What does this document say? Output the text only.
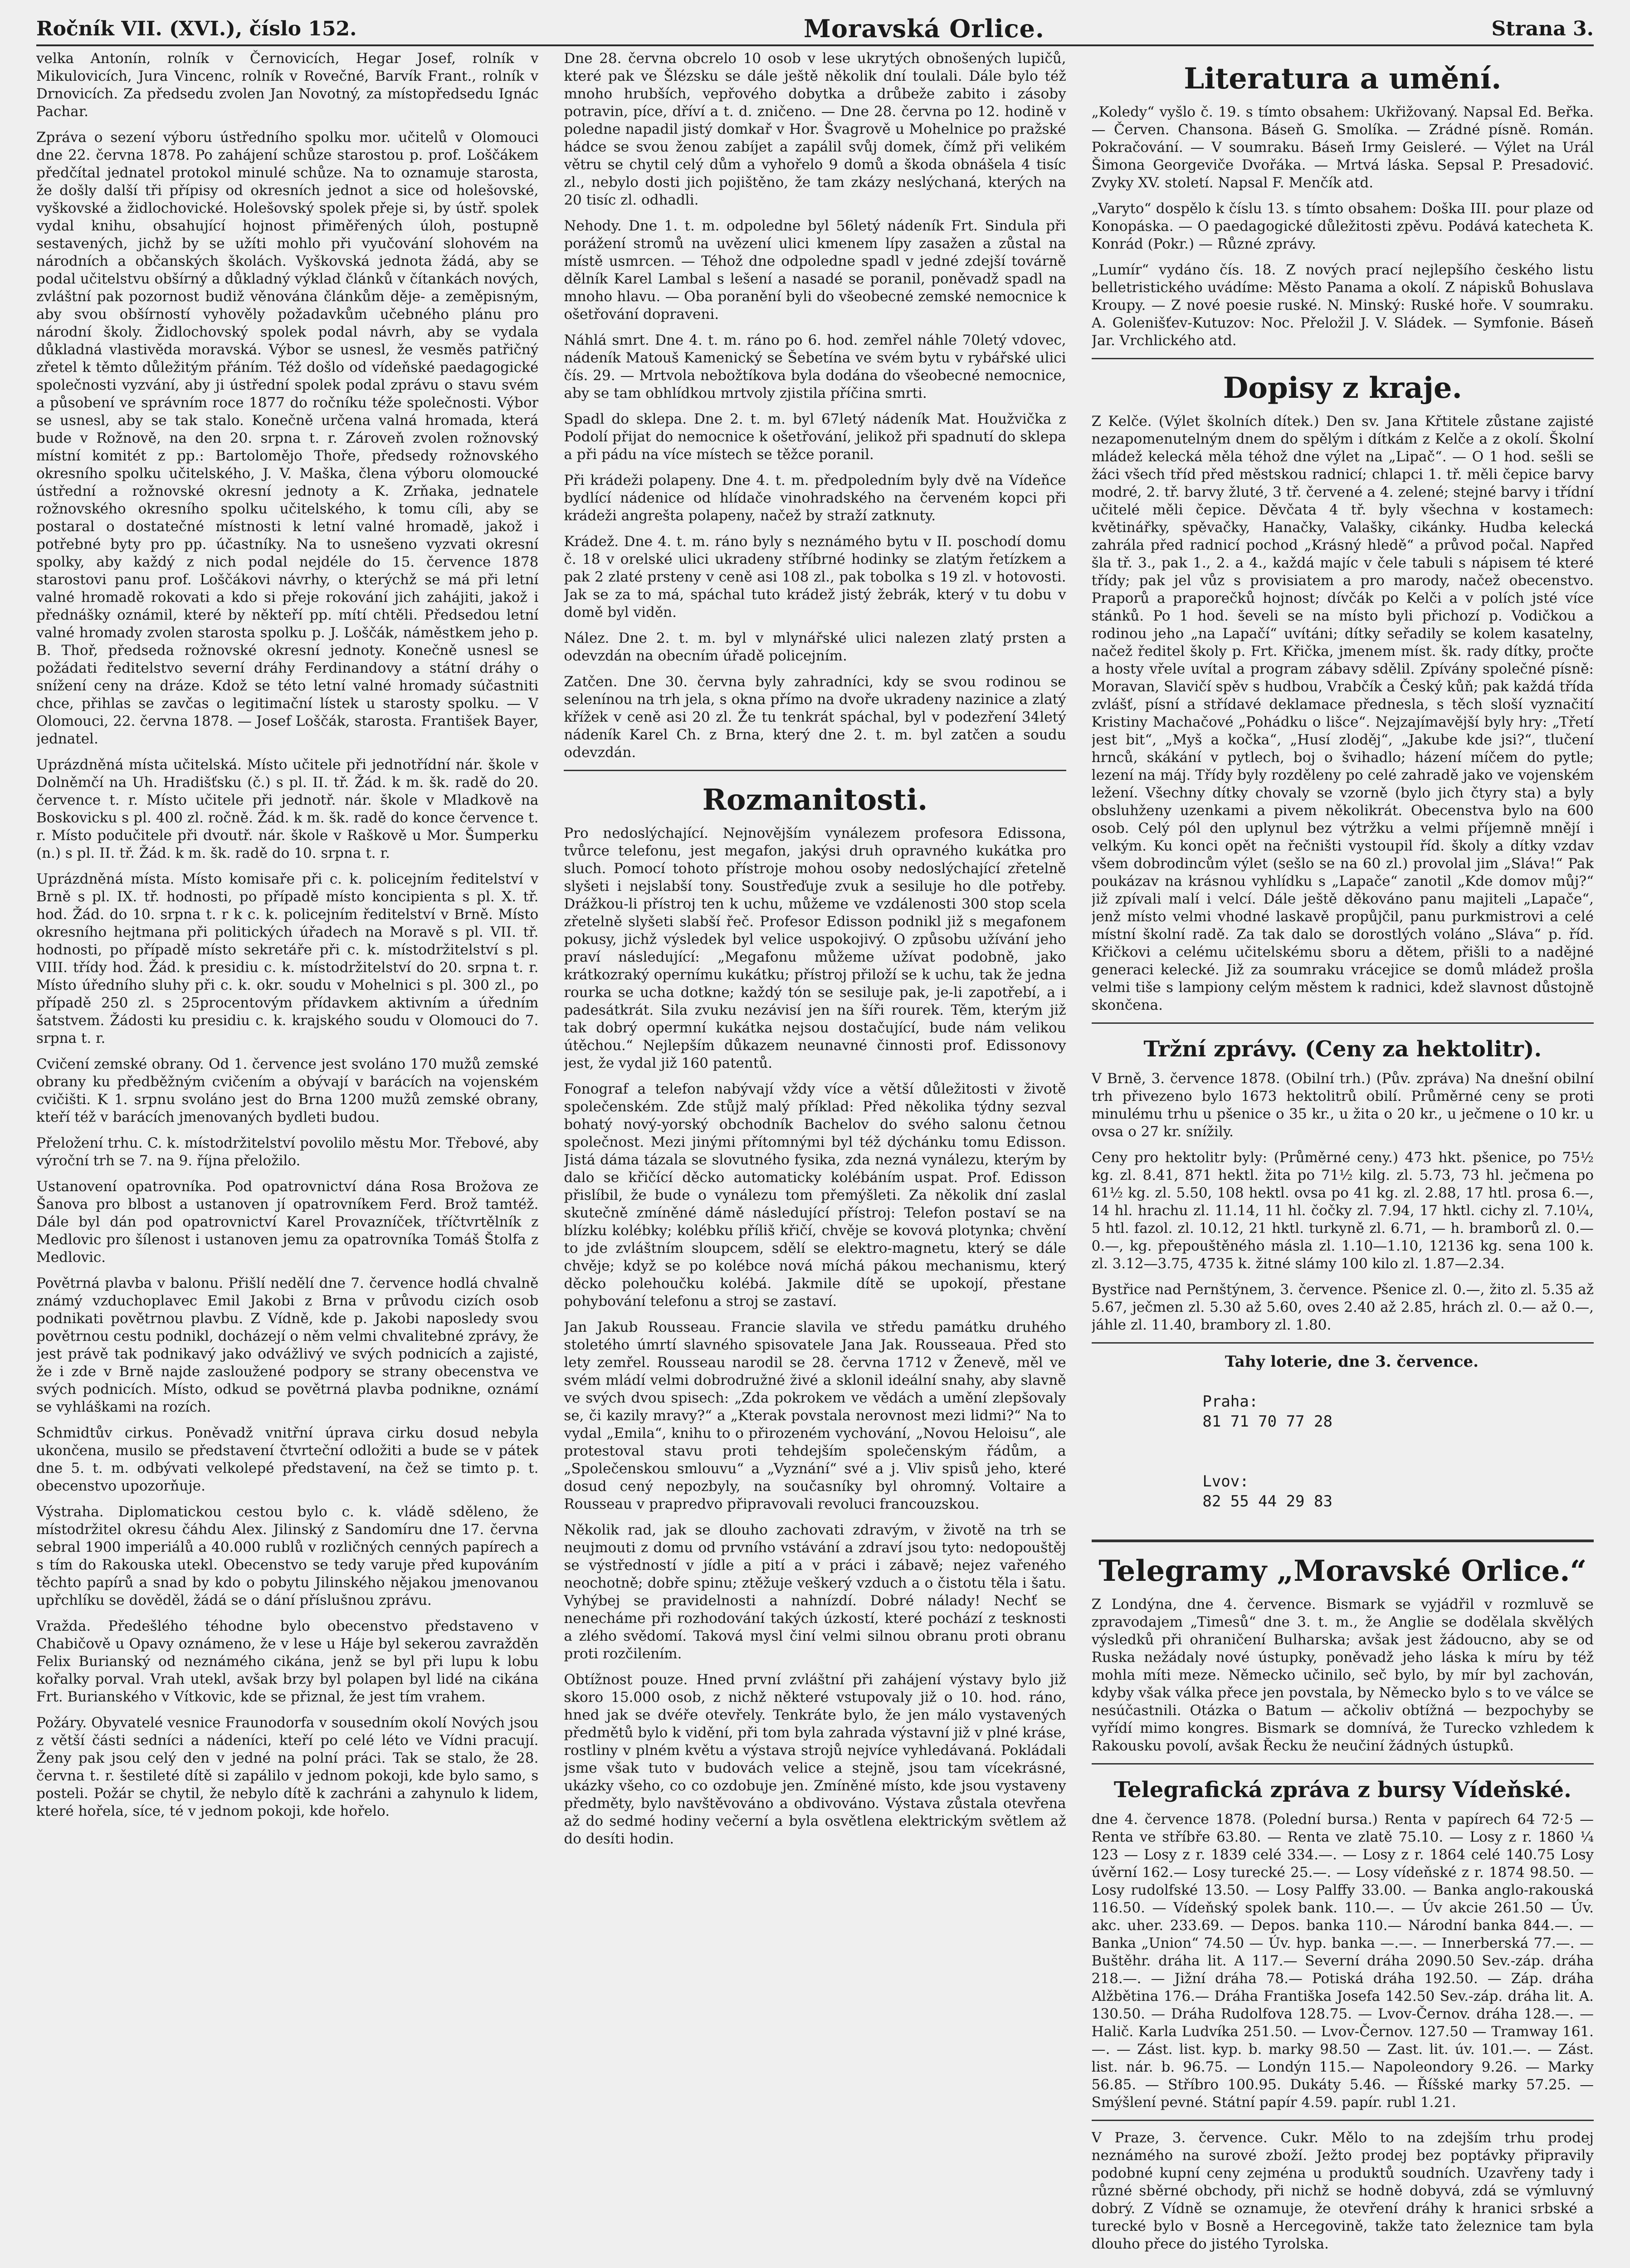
Ročník VII. (XVI.), číslo 152.	Moravská Orlice.	Strana 3.

velka Antonín, rolník v Černovicích, Hegar Josef, rolník v Mikulovicích, Jura Vincenc, rolník v Rovečné, Barvík Frant., rolník v Drnovicích. Za předsedu zvolen Jan Novotný, za místopředsedu Ignác Pachar.

Zpráva o sezení výboru ústředního spolku mor. učitelů v Olomouci dne 22. června 1878. Po zahájení schůze starostou p. prof. Loščákem předčítal jednatel protokol minulé schůze. Na to oznamuje starosta, že došly další tři přípisy od okresních jednot a sice od holešovské, vyškovské a židlochovické. Holešovský spolek přeje si, by ústř. spolek vydal knihu, obsahující hojnost přiměřených úloh, postupně sestavených, jichž by se užíti mohlo při vyučování slohovém na národních a občanských školách. Vyškovská jednota žádá, aby se podal učitelstvu obšírný a důkladný výklad článků v čítankách nových, zvláštní pak pozornost budiž věnována článkům děje- a zeměpisným, aby svou obšírností vyhověly požadavkům učebného plánu pro národní školy. Židlochovský spolek podal návrh, aby se vydala důkladná vlastivěda moravská. Výbor se usnesl, že vesměs patřičný zřetel k těmto důležitým přáním. Též došlo od vídeňské paedagogické společnosti vyzvání, aby ji ústřední spolek podal zprávu o stavu svém a působení ve správním roce 1877 do ročníku téže společnosti. Výbor se usnesl, aby se tak stalo. Konečně určena valná hromada, která bude v Rožnově, na den 20. srpna t. r. Zároveň zvolen rožnovský místní komitét z pp.: Bartolomějo Thoře, předsedy rožnovského okresního spolku učitelského, J. V. Maška, člena výboru olomoucké ústřední a rožnovské okresní jednoty a K. Zrňaka, jednatele rožnovského okresního spolku učitelského, k tomu cíli, aby se postaral o dostatečné místnosti k letní valné hromadě, jakož i potřebné byty pro pp. účastníky. Na to usnešeno vyzvati okresní spolky, aby každý z nich podal nejdéle do 15. července 1878 starostovi panu prof. Loščákovi návrhy, o kterýchž se má při letní valné hromadě rokovati a kdo si přeje rokování jich zahájiti, jakož i přednášky oznámil, které by někteří pp. mítí chtěli. Předsedou letní valné hromady zvolen starosta spolku p. J. Loščák, náměstkem jeho p. B. Thoř, předseda rožnovské okresní jednoty. Konečně usnesl se požádati ředitelstvo severní dráhy Ferdinandovy a státní dráhy o snížení ceny na dráze. Kdož se této letní valné hromady súčastniti chce, přihlas se zavčas o legitimační lístek u starosty spolku. — V Olomouci, 22. června 1878. — Josef Loščák, starosta. František Bayer, jednatel.

Uprázdněná místa učitelská. Místo učitele při jednotřídní nár. škole v Dolněmčí na Uh. Hradišťsku (č.) s pl. II. tř. Žád. k m. šk. radě do 20. července t. r. Místo učitele při jednotř. nár. škole v Mladkově na Boskovicku s pl. 400 zl. ročně. Žád. k m. šk. radě do konce července t. r. Místo podučitele při dvoutř. nár. škole v Raškově u Mor. Šumperku (n.) s pl. II. tř. Žád. k m. šk. radě do 10. srpna t. r.

Uprázdněná místa. Místo komisaře při c. k. policejním ředitelství v Brně s pl. IX. tř. hodnosti, po případě místo koncipienta s pl. X. tř. hod. Žád. do 10. srpna t. r k c. k. policejním ředitelství v Brně. Místo okresního hejtmana při politických úřadech na Moravě s pl. VII. tř. hodnosti, po případě místo sekretáře při c. k. místodržitelství s pl. VIII. třídy hod. Žád. k presidiu c. k. místodržitelství do 20. srpna t. r. Místo úředního sluhy při c. k. okr. soudu v Mohelnici s pl. 300 zl., po případě 250 zl. s 25procentovým přídavkem aktivním a úředním šatstvem. Žádosti ku presidiu c. k. krajského soudu v Olomouci do 7. srpna t. r.

Cvičení zemské obrany. Od 1. července jest svoláno 170 mužů zemské obrany ku předběžným cvičením a obývají v barácích na vojenském cvičišti. K 1. srpnu svoláno jest do Brna 1200 mužů zemské obrany, kteří též v barácích jmenovaných bydleti budou.

Přeložení trhu. C. k. místodržitelství povolilo městu Mor. Třebové, aby výroční trh se 7. na 9. října přeložilo.

Ustanovení opatrovníka. Pod opatrovnictví dána Rosa Brožova ze Šanova pro blbost a ustanoven jí opatrovníkem Ferd. Brož tamtéž. Dále byl dán pod opatrovnictví Karel Provazníček, tříčtvrtělník z Medlovic pro šílenost i ustanoven jemu za opatrovníka Tomáš Štolfa z Medlovic.

Povětrná plavba v balonu. Přišlí nedělí dne 7. července hodlá chvalně známý vzduchoplavec Emil Jakobi z Brna v průvodu cizích osob podnikati povětrnou plavbu. Z Vídně, kde p. Jakobi naposledy svou povětrnou cestu podnikl, docházejí o něm velmi chvalitebné zprávy, že jest právě tak podnikavý jako odvážlivý ve svých podnicích a zajisté, že i zde v Brně najde zasloužené podpory se strany obecenstva ve svých podnicích. Místo, odkud se povětrná plavba podnikne, oznámí se vyhláškami na rozích.

Schmidtův cirkus. Poněvadž vnitřní úprava cirku dosud nebyla ukončena, musilo se představení čtvrteční odložiti a bude se v pátek dne 5. t. m. odbývati velkolepé představení, na čež se timto p. t. obecenstvo upozorňuje.

Výstraha. Diplomatickou cestou bylo c. k. vládě sděleno, že místodržitel okresu čáhdu Alex. Jilinský z Sandomíru dne 17. června sebral 1900 imperiálů a 40.000 rublů v rozličných cenných papírech a s tím do Rakouska utekl. Obecenstvo se tedy varuje před kupováním těchto papírů a snad by kdo o pobytu Jilinského nějakou jmenovanou upřchlíku se dověděl, žádá se o dání příslušnou zprávu.

Vražda. Předešlého téhodne bylo obecenstvo představeno v Chabičově u Opavy oznámeno, že v lese u Háje byl sekerou zavražděn Felix Burianský od neznámého cikána, jenž se byl při lupu k lobu kořalky porval. Vrah utekl, avšak brzy byl polapen byl lidé na cikána Frt. Burianského v Vítkovic, kde se přiznal, že jest tím vrahem.

Požáry. Obyvatelé vesnice Fraunodorfa v sousedním okolí Nových jsou z větší části sedníci a nádeníci, kteří po celé léto ve Vídni pracují. Ženy pak jsou celý den v jedné na polní práci. Tak se stalo, že 28. června t. r. šestileté dítě si zapálilo v jednom pokoji, kde bylo samo, s posteli. Požár se chytil, že nebylo dítě k zachráni a zahynulo k lidem, které hořela, síce, té v jednom pokoji, kde hořelo.

Dne 28. června obcrelo 10 osob v lese ukrytých obnošených lupičů, které pak ve Šlézsku se dále ještě několik dní toulali. Dále bylo též mnoho hrubších, vepřového dobytka a drůbeže zabito i zásoby potravin, píce, dříví a t. d. zničeno. — Dne 28. června po 12. hodině v poledne napadil jistý domkař v Hor. Švagrově u Mohelnice po pražské hádce se svou ženou zabíjet a zapálil svůj domek, čímž při velikém větru se chytil celý dům a vyhořelo 9 domů a škoda obnášela 4 tisíc zl., nebylo dosti jich pojištěno, že tam zkázy neslýchaná, kterých na 20 tisíc zl. odhadli.

Nehody. Dne 1. t. m. odpoledne byl 56letý nádeník Frt. Sindula při porážení stromů na uvězení ulici kmenem lípy zasažen a zůstal na místě usmrcen. — Téhož dne odpoledne spadl v jedné zdejší továrně dělník Karel Lambal s lešení a nasadé se poranil, poněvadž spadl na mnoho hlavu. — Oba poranění byli do všeobecné zemské nemocnice k ošetřování dopraveni.

Náhlá smrt. Dne 4. t. m. ráno po 6. hod. zemřel náhle 70letý vdovec, nádeník Matouš Kamenický se Šebetína ve svém bytu v rybářské ulici čís. 29. — Mrtvola nebožtíkova byla dodána do všeobecné nemocnice, aby se tam obhlídkou mrtvoly zjistila příčina smrti.

Spadl do sklepa. Dne 2. t. m. byl 67letý nádeník Mat. Houžvička z Podolí přijat do nemocnice k ošetřování, jelikož při spadnutí do sklepa a při pádu na více místech se těžce poranil.

Při krádeži polapeny. Dne 4. t. m. předpoledním byly dvě na Vídeňce bydlící nádenice od hlídače vinohradského na červeném kopci při krádeži angrešta polapeny, načež by straží zatknuty.

Krádež. Dne 4. t. m. ráno byly s neznámého bytu v II. poschodí domu č. 18 v orelské ulici ukradeny stříbrné hodinky se zlatým řetízkem a pak 2 zlaté prsteny v ceně asi 108 zl., pak tobolka s 19 zl. v hotovosti. Jak se za to má, spáchal tuto krádež jistý žebrák, který v tu dobu v domě byl viděn.

Nález. Dne 2. t. m. byl v mlynářské ulici nalezen zlatý prsten a odevzdán na obecním úřadě policejním.

Zatčen. Dne 30. června byly zahradníci, kdy se svou rodinou se selenínou na trh jela, s okna přímo na dvoře ukradeny nazinice a zlatý křížek v ceně asi 20 zl. Že tu tenkrát spáchal, byl v podezření 34letý nádeník Karel Ch. z Brna, který dne 2. t. m. byl zatčen a soudu odevzdán.

Rozmanitosti.

Pro nedoslýchající. Nejnovějším vynálezem profesora Edissona, tvůrce telefonu, jest megafon, jakýsi druh opravného kukátka pro sluch. Pomocí tohoto přístroje mohou osoby nedoslýchající zřetelně slyšeti i nejslabší tony. Soustřeďuje zvuk a sesiluje ho dle potřeby. Drážkou-li přístroj ten k uchu, můžeme ve vzdálenosti 300 stop scela zřetelně slyšeti slabší řeč. Profesor Edisson podnikl již s megafonem pokusy, jichž výsledek byl velice uspokojivý. O způsobu užívání jeho praví následující: „Megafonu můžeme užívat podobně, jako krátkozraký opernímu kukátku; přístroj přiloží se k uchu, tak že jedna rourka se ucha dotkne; každý tón se sesiluje pak, je-li zapotřebí, a i padesátkrát. Sila zvuku nezávisí jen na šíři rourek. Těm, kterým již tak dobrý opermní kukátka nejsou dostačující, bude nám velikou útěchou.“ Nejlepším důkazem neunavné činnosti prof. Edissonovy jest, že vydal již 160 patentů.

Fonograf a telefon nabývají vždy více a větší důležitosti v životě společenském. Zde stůjž malý příklad: Před několika týdny sezval bohatý nový-yorský obchodník Bachelov do svého salonu četnou společnost. Mezi jinými přítomnými byl též dýchánku tomu Edisson. Jistá dáma tázala se slovutného fysika, zda nezná vynálezu, kterým by dalo se křičící děcko automaticky kolébáním uspat. Prof. Edisson přislíbil, že bude o vynálezu tom přemýšleti. Za několik dní zaslal skutečně zmíněné dámě následující přístroj: Telefon postaví se na blízku kolébky; kolébku příliš křičí, chvěje se kovová plotynka; chvění to jde zvláštním sloupcem, sdělí se elektro-magnetu, který se dále chvěje; když se po kolébce nová míchá pákou mechanismu, který děcko polehoučku kolébá. Jakmile dítě se upokojí, přestane pohybování telefonu a stroj se zastaví.

Jan Jakub Rousseau. Francie slavila ve středu památku druhého stoletého úmrtí slavného spisovatele Jana Jak. Rousseaua. Před sto lety zemřel. Rousseau narodil se 28. června 1712 v Ženevě, měl ve svém mládí velmi dobrodružné živé a sklonil ideální snahy, aby slavně ve svých dvou spisech: „Zda pokrokem ve vědách a umění zlepšovaly se, či kazily mravy?“ a „Kterak povstala nerovnost mezi lidmi?“ Na to vydal „Emila“, knihu to o přirozeném vychování, „Novou Heloisu“, ale protestoval stavu proti tehdejším společenským řádům, a „Společenskou smlouvu“ a „Vyznání“ své a j. Vliv spisů jeho, které dosud cený nepozbyly, na současníky byl ohromný. Voltaire a Rousseau v prapredvo připravovali revoluci francouzskou.

Několik rad, jak se dlouho zachovati zdravým, v životě na trh se neujmouti z domu od prvního vstávání a zdraví jsou tyto: nedopouštěj se výstředností v jídle a pití a v práci i zábavě; nejez vařeného neochotně; dobře spinu; ztěžuje veškerý vzduch a o čistotu těla i šatu. Vyhýbej se pravidelnosti a nahnízdí. Dobré nálady! Nechť se nenecháme při rozhodování takých úzkostí, které pochází z tesknosti a zlého svědomí. Taková mysl činí velmi silnou obranu proti obranu proti rozčilením.

Obtížnost pouze. Hned první zvláštní při zahájení výstavy bylo již skoro 15.000 osob, z nichž některé vstupovaly již o 10. hod. ráno, hned jak se dvéře otevřely. Tenkráte bylo, že jen málo vystavených předmětů bylo k vidění, při tom byla zahrada výstavní již v plné kráse, rostliny v plném květu a výstava strojů nejvíce vyhledávaná. Pokládali jsme však tuto v budovách velice a stejně, jsou tam vícekrásné, ukázky všeho, co co ozdobuje jen. Zmíněné místo, kde jsou vystaveny předměty, bylo navštěvováno a obdivováno. Výstava zůstala otevřena až do sedmé hodiny večerní a byla osvětlena elektrickým světlem až do desíti hodin.

Literatura a umění.

„Koledy“ vyšlo č. 19. s tímto obsahem: Ukřižovaný. Napsal Ed. Beřka. — Červen. Chansona. Báseň G. Smolíka. — Zrádné písně. Román. Pokračování. — V soumraku. Báseň Irmy Geisleré. — Výlet na Urál Šimona Georgeviče Dvořáka. — Mrtvá láska. Sepsal P. Presadović. Zvyky XV. století. Napsal F. Menčík atd.

„Varyto“ dospělo k číslu 13. s tímto obsahem: Doška III. pour plaze od Konopáska. — O paedagogické důležitosti zpěvu. Podává katecheta K. Konrád (Pokr.) — Různé zprávy.

„Lumír“ vydáno čís. 18. Z nových prací nejlepšího českého listu belletristického uvádíme: Město Panama a okolí. Z nápisků Bohuslava Kroupy. — Z nové poesie ruské. N. Minský: Ruské hoře. V soumraku. A. Golenišťev-Kutuzov: Noc. Přeložil J. V. Sládek. — Symfonie. Báseň Jar. Vrchlického atd.

Dopisy z kraje.

Z Kelče. (Výlet školních dítek.) Den sv. Jana Křtitele zůstane zajisté nezapomenutelným dnem do spělým i dítkám z Kelče a z okolí. Školní mládež kelecká měla téhož dne výlet na „Lipač“. — O 1 hod. sešli se žáci všech tříd před městskou radnicí; chlapci 1. tř. měli čepice barvy modré, 2. tř. barvy žluté, 3 tř. červené a 4. zelené; stejné barvy i třídní učitelé měli čepice. Děvčata 4 tř. byly všechna v kostamech: květinářky, spěvačky, Hanačky, Valašky, cikánky. Hudba kelecká zahrála před radnicí pochod „Krásný hledě“ a průvod počal. Napřed šla tř. 3., pak 1., 2. a 4., každá majíc v čele tabuli s nápisem té které třídy; pak jel vůz s provisiatem a pro marody, načež obecenstvo. Praporů a praporečků hojnost; dívčák po Kelči a v polích jsté více stánků. Po 1 hod. ševeli se na místo byli přichozí p. Vodičkou a rodinou jeho „na Lapačí“ uvítáni; dítky seřadily se kolem kasatelny, načež ředitel školy p. Frt. Křička, jmenem míst. šk. rady dítky, pročte a hosty vřele uvítal a program zábavy sdělil. Zpívány společné písně: Moravan, Slavičí spěv s hudbou, Vrabčík a Český kůň; pak každá třída zvlášť, písní a střídavé deklamace přednesla, s těch sloší vyznačití Kristiny Machačové „Pohádku o lišce“. Nejzajímavější byly hry: „Třetí jest bit“, „Myš a kočka“, „Husí zloděj“, „Jakube kde jsi?“, tlučení hrnců, skákání v pytlech, boj o švihadlo; házení míčem do pytle; lezení na máj. Třídy byly rozděleny po celé zahradě jako ve vojenském ležení. Všechny dítky chovaly se vzorně (bylo jich čtyry sta) a byly obsluhženy uzenkami a pivem několikrát. Obecenstva bylo na 600 osob. Celý pól den uplynul bez výtržku a velmi příjemně mnějí i velkým. Ku konci opět na řečništi vystoupil říd. školy a dítky vzdav všem dobrodincům výlet (sešlo se na 60 zl.) provolal jim „Sláva!“ Pak poukázav na krásnou vyhlídku s „Lapače“ zanotil „Kde domov můj?“ již zpívali malí i velcí. Dále ještě děkováno panu majiteli „Lapače“, jenž místo velmi vhodné laskavě propůjčil, panu purkmistrovi a celé místní školní radě. Za tak dalo se dorostlých voláno „Sláva“ p. říd. Křičkovi a celému učitelskému sboru a dětem, přišli to a nadějné generaci kelecké. Již za soumraku vrácejice se domů mládež prošla velmi tiše s lampiony celým městem k radnici, kdež slavnost důstojně skončena.

Tržní zprávy. (Ceny za hektolitr).

V Brně, 3. července 1878. (Obilní trh.) (Pův. zpráva) Na dnešní obilní trh přivezeno bylo 1673 hektolitrů obilí. Průměrné ceny se proti minulému trhu u pšenice o 35 kr., u žita o 20 kr., u ječmene o 10 kr. u ovsa o 27 kr. snížily.

Ceny pro hektolitr byly: (Průměrné ceny.) 473 hkt. pšenice, po 75½ kg. zl. 8.41, 871 hektl. žita po 71½ kilg. zl. 5.73, 73 hl. ječmena po 61½ kg. zl. 5.50, 108 hektl. ovsa po 41 kg. zl. 2.88, 17 htl. prosa 6.—, 14 hl. hrachu zl. 11.14, 11 hl. čočky zl. 7.94, 17 hktl. cichy zl. 7.10¼, 5 htl. fazol. zl. 10.12, 21 hktl. turkyně zl. 6.71, — h. bramborů zl. 0.—0.—, kg. přepouštěného másla zl. 1.10—1.10, 12136 kg. sena 100 k. zl. 3.12—3.75, 4735 k. žitné slámy 100 kilo zl. 1.87—2.34.

Bystřice nad Pernštýnem, 3. července. Pšenice zl. 0.—, žito zl. 5.35 až 5.67, ječmen zl. 5.30 až 5.60, oves 2.40 až 2.85, hrách zl. 0.— až 0.—, jáhle zl. 11.40, brambory zl. 1.80.

Tahy loterie, dne 3. července.

Praha:
81 71 70 77 28

Lvov:
82 55 44 29 83

Telegramy „Moravské Orlice.“

Z Londýna, dne 4. července. Bismark se vyjádřil v rozmluvě se zpravodajem „Timesů“ dne 3. t. m., že Anglie se dodělala skvělých výsledků při ohraničení Bulharska; avšak jest žádoucno, aby se od Ruska nežádaly nové ústupky, poněvadž jeho láska k míru by též mohla míti meze. Německo učinilo, seč bylo, by mír byl zachován, kdyby však válka přece jen povstala, by Německo bylo s to ve válce se nesúčastnili. Otázka o Batum — ačkoliv obtížná — bezpochyby se vyřídí mimo kongres. Bismark se domnívá, že Turecko vzhledem k Rakousku povolí, avšak Řecku že neučiní žádných ústupků.

Telegrafická zpráva z bursy Vídeňské.

dne 4. července 1878. (Polední bursa.) Renta v papírech 64 72·5 — Renta ve stříbře 63.80. — Renta ve zlatě 75.10. — Losy z r. 1860 ¼ 123 — Losy z r. 1839 celé 334.—. — Losy z r. 1864 celé 140.75 Losy úvěrní 162.— Losy turecké 25.—. — Losy vídeňské z r. 1874 98.50. — Losy rudolfské 13.50. — Losy Palffy 33.00. — Banka anglo-rakouská 116.50. — Vídeňský spolek bank. 110.—. — Úv akcie 261.50 — Úv. akc. uher. 233.69. — Depos. banka 110.— Národní banka 844.—. — Banka „Union“ 74.50 — Úv. hyp. banka —.—. — Innerberská 77.—. — Buštěhr. dráha lit. A 117.— Severní dráha 2090.50 Sev.-záp. dráha 218.—. — Jižní dráha 78.— Potiská dráha 192.50. — Záp. dráha Alžbětina 176.— Dráha Františka Josefa 142.50 Sev.-záp. dráha lit. A. 130.50. — Dráha Rudolfova 128.75. — Lvov-Černov. dráha 128.—. — Halič. Karla Ludvíka 251.50. — Lvov-Černov. 127.50 — Tramway 161.—. — Zást. list. kyp. b. marky 98.50 — Zast. lit. úv. 101.—. — Zást. list. nár. b. 96.75. — Londýn 115.— Napoleondory 9.26. — Marky 56.85. — Stříbro 100.95. Dukáty 5.46. — Říšské marky 57.25. — Smýšlení pevné. Státní papír 4.59. papír. rubl 1.21.

V Praze, 3. července. Cukr. Mělo to na zdejším trhu prodej neznámého na surové zboží. Ježto prodej bez poptávky připravily podobné kupní ceny zejména u produktů soudních. Uzavřeny tady i různé sběrné obchody, při nichž se hodně dobyvá, zdá se výmluvný dobrý. Z Vídně se oznamuje, že otevření dráhy k hranici srbské a turecké bylo v Bosně a Hercegovině, takže tato železnice tam byla dlouho přece do jistého Tyrolska.
